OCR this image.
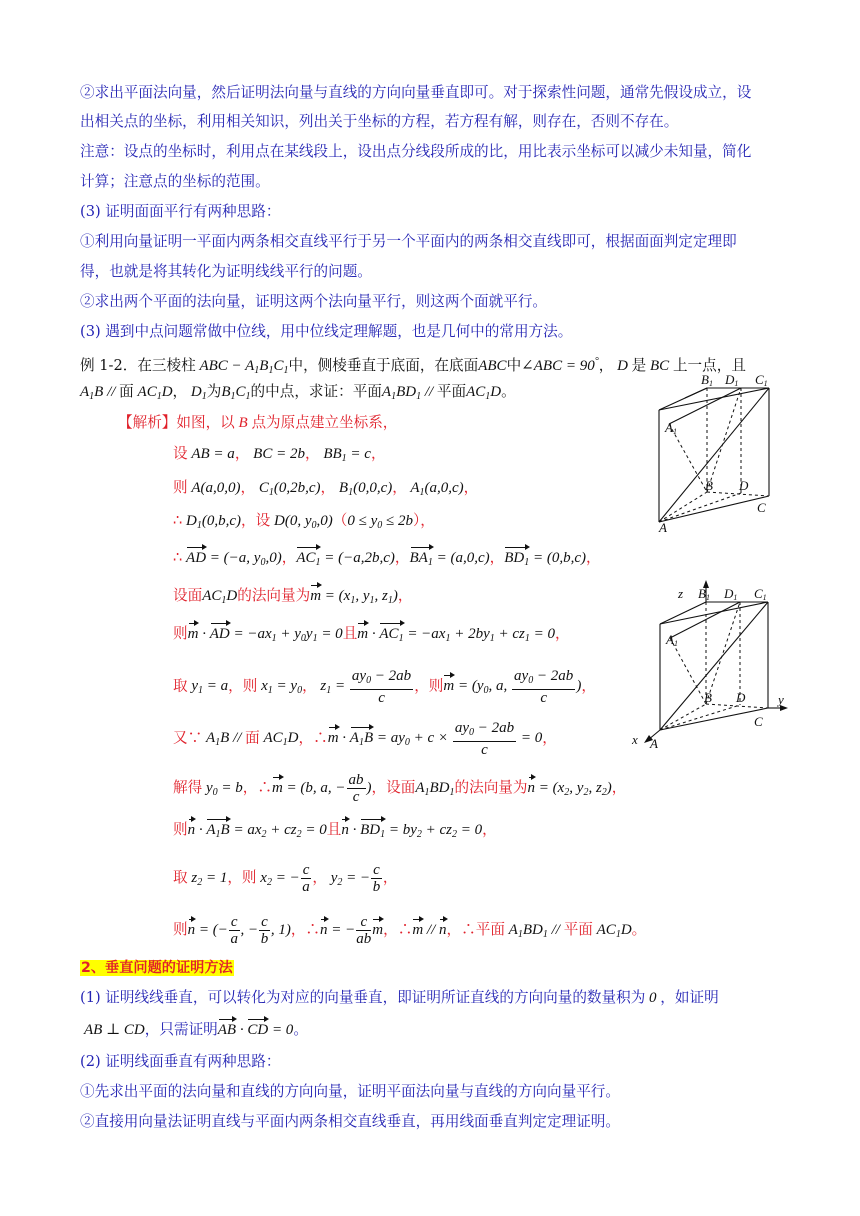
②求出平面法向量，然后证明法向量与直线的方向向量垂直即可。对于探索性问题，通常先假设成立，设
出相关点的坐标，利用相关知识，列出关于坐标的方程，若方程有解，则存在，否则不存在。
注意：设点的坐标时，利用点在某线段上，设出点分线段所成的比，用比表示坐标可以减少未知量，简化
计算；注意点的坐标的范围。
(3) 证明面面平行有两种思路：
①利用向量证明一平面内两条相交直线平行于另一个平面内的两条相交直线即可，根据面面判定定理即
得，也就是将其转化为证明线线平行的问题。
②求出两个平面的法向量，证明这两个法向量平行，则这两个面就平行。
(3) 遇到中点问题常做中位线，用中位线定理解题，也是几何中的常用方法。
例 1-2．在三棱柱 ABC − $A_1B_1C_1$中，侧棱垂直于底面，在底面ABC中∠ABC = 90°， D 是 BC 上一点，且
$A_1B$ // 面 $AC_1D$， $D_1$为$B_1C_1$的中点，求证：平面$A_1BD_1$ // 平面$AC_1D$。
【解析】如图，以 B 点为原点建立坐标系，
设 AB = a， BC = 2b， $BB_1 = c$，
则 A(a,0,0)， $C_1(0,2b,c)$， $B_1(0,0,c)$， $A_1(a,0,c)$，
∴ $D_1(0,b,c)$，设 D(0, $y_0,0)(0 \le y_0 \le 2b)$，
∴ AD = (−a, $y_0,0$)，$AC_1 = (-a,2b,c)$，$BA_1 = (a,0,c)$，$BD_1 = (0,b,c)$，
设面$AC_1D$的法向量为$m = (x_1$, $y_1$, $z_1$)，
则m · AD = $-ax_1 + y_0y_1 = 0$且$m \cdot AC_1 = -ax_1 + 2by_1 + cz_1 = 0$，
取 $y_1 = a$，则 $x_1 = y_0$， $z_1 = \frac{ay_0 - 2ab}{c}$ ，则$m = (y_0$, a, $\frac{ay_0 - 2ab}{c}$ )，
又∵ $A_1B$ // 面 $AC_1D$，∴m · $A_1B = ay_0 + c \times \frac{ay_0 - 2ab}{c} = 0$，
解得 $y_0 = b$，∴m = (b, a, − $\frac{ab}{c}$ )，设面$A_1BD_1$的法向量为$n = (x_2$, $y_2$, $z_2$)，
则$n \cdot A_1B = ax_2 + cz_2 = 0$且$n \cdot BD_1 = by_2 + cz_2 = 0$，
取 $z_2 = 1$，则 $x_2$ = − $\frac{c}{a}$ ， $y_2$ = − $\frac{c}{b}$ ，
则n = (− $\frac{c}{a}$ , − $\frac{c}{b}$ , 1)，∴n = − $\frac{c}{ab}$ m，∴m // n，∴平面 $A_1BD_1$ // 平面 $AC_1D$。
2、垂直问题的证明方法
(1) 证明线线垂直，可以转化为对应的向量垂直，即证明所证直线的方向向量的数量积为 0 ，如证明
AB ⊥ CD，只需证明AB · CD = 0。
(2) 证明线面垂直有两种思路：
①先求出平面的法向量和直线的方向向量，证明平面法向量与直线的方向向量平行。
②直接用向量法证明直线与平面内两条相交直线垂直，再用线面垂直判定定理证明。
B1 D1 C1
A1
B D
C
A
z B1 D1 C1
A1
B D	y
C
x A
